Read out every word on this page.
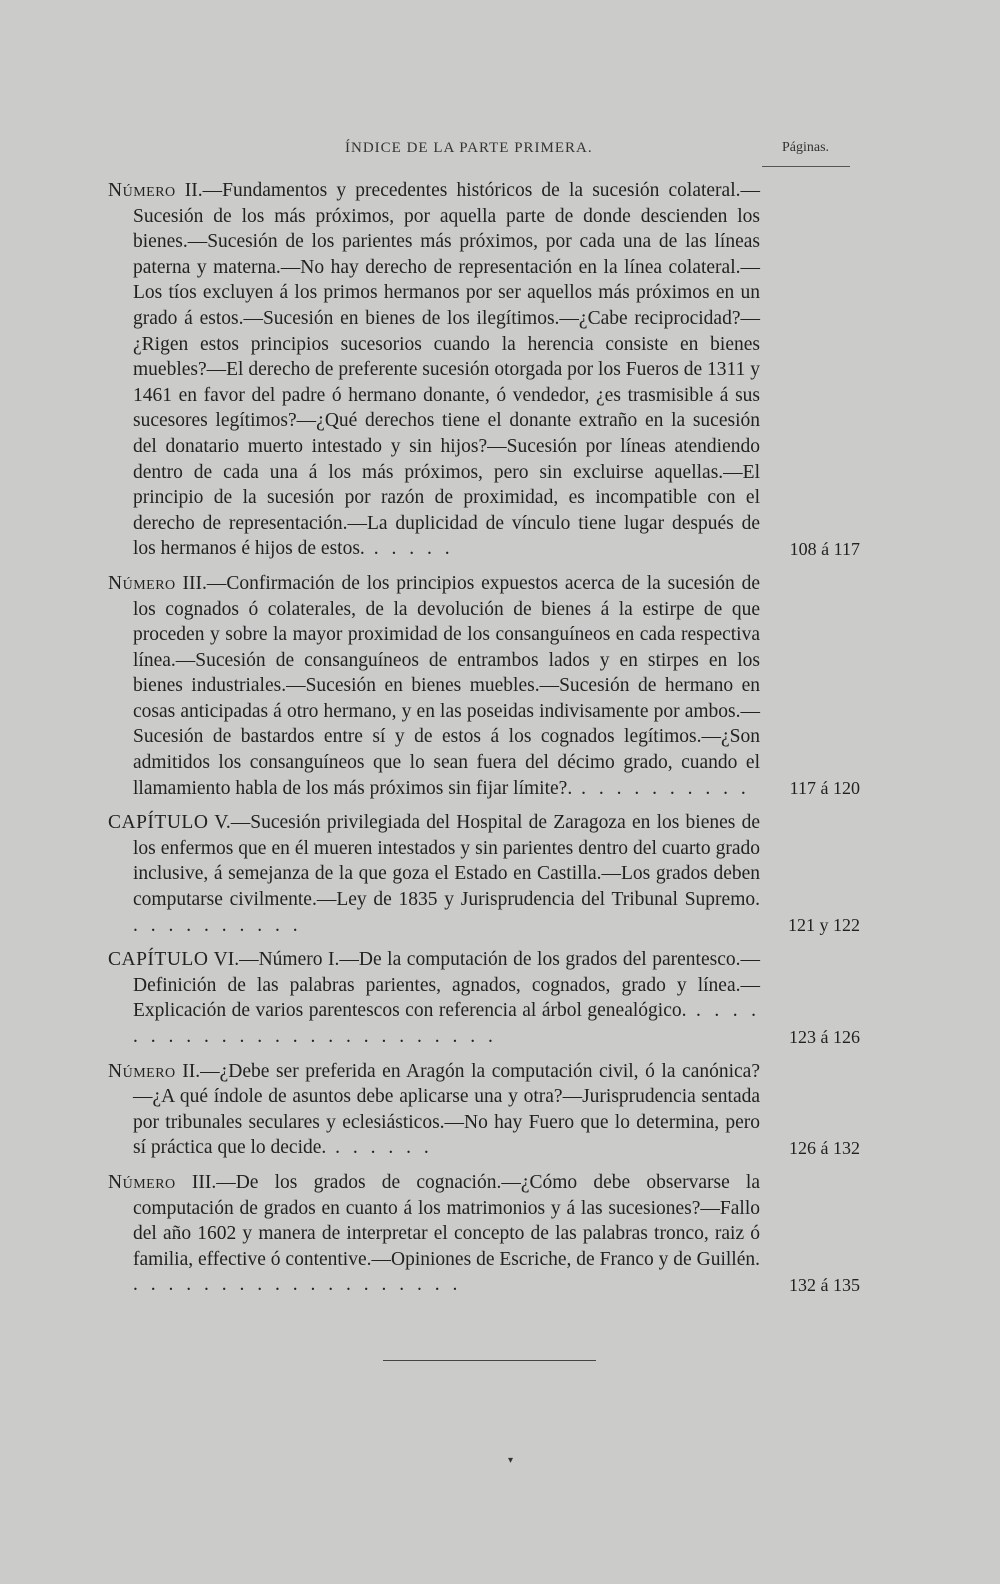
ÍNDICE DE LA PARTE PRIMERA.	Páginas.

Número II.—Fundamentos y precedentes históricos de la sucesión colateral.—Sucesión de los más próximos, por aquella parte de donde descienden los bienes.—Sucesión de los parientes más próximos, por cada una de las líneas paterna y materna.—No hay derecho de representación en la línea colateral.—Los tíos excluyen á los primos hermanos por ser aquellos más próximos en un grado á estos.—Sucesión en bienes de los ilegítimos.—¿Cabe reciprocidad?—¿Rigen estos principios sucesorios cuando la herencia consiste en bienes muebles?—El derecho de preferente sucesión otorgada por los Fueros de 1311 y 1461 en favor del padre ó hermano donante, ó vendedor, ¿es trasmisible á sus sucesores legítimos?—¿Qué derechos tiene el donante extraño en la sucesión del donatario muerto intestado y sin hijos?—Sucesión por líneas atendiendo dentro de cada una á los más próximos, pero sin excluirse aquellas.—El principio de la sucesión por razón de proximidad, es incompatible con el derecho de representación.—La duplicidad de vínculo tiene lugar después de los hermanos é hijos de estos. . . . . .	108 á 117

Número III.—Confirmación de los principios expuestos acerca de la sucesión de los cognados ó colaterales, de la devolución de bienes á la estirpe de que proceden y sobre la mayor proximidad de los consanguíneos en cada respectiva línea.—Sucesión de consanguíneos de entrambos lados y en stirpes en los bienes industriales.—Sucesión en bienes muebles.—Sucesión de hermano en cosas anticipadas á otro hermano, y en las poseidas indivisamente por ambos.—Sucesión de bastardos entre sí y de estos á los cognados legítimos.—¿Son admitidos los consanguíneos que lo sean fuera del décimo grado, cuando el llamamiento habla de los más próximos sin fijar límite?. . . . . . . . . . .	117 á 120

CAPÍTULO V.—Sucesión privilegiada del Hospital de Zaragoza en los bienes de los enfermos que en él mueren intestados y sin parientes dentro del cuarto grado inclusive, á semejanza de la que goza el Estado en Castilla.—Los grados deben computarse civilmente.—Ley de 1835 y Jurisprudencia del Tribunal Supremo. . . . . . . . . . .	121 y 122

CAPÍTULO VI.—Número I.—De la computación de los grados del parentesco.—Definición de las palabras parientes, agnados, cognados, grado y línea.—Explicación de varios parentescos con referencia al árbol genealógico. . . . . . . . . . . . . . . . . . . . . . . . . .	123 á 126

Número II.—¿Debe ser preferida en Aragón la computación civil, ó la canónica?—¿A qué índole de asuntos debe aplicarse una y otra?—Jurisprudencia sentada por tribunales seculares y eclesiásticos.—No hay Fuero que lo determina, pero sí práctica que lo decide. . . . . . .	126 á 132

Número III.—De los grados de cognación.—¿Cómo debe observarse la computación de grados en cuanto á los matrimonios y á las sucesiones?—Fallo del año 1602 y manera de interpretar el concepto de las palabras tronco, raiz ó familia, effective ó contentive.—Opiniones de Escriche, de Franco y de Guillén. . . . . . . . . . . . . . . . . . . .	132 á 135
▾
